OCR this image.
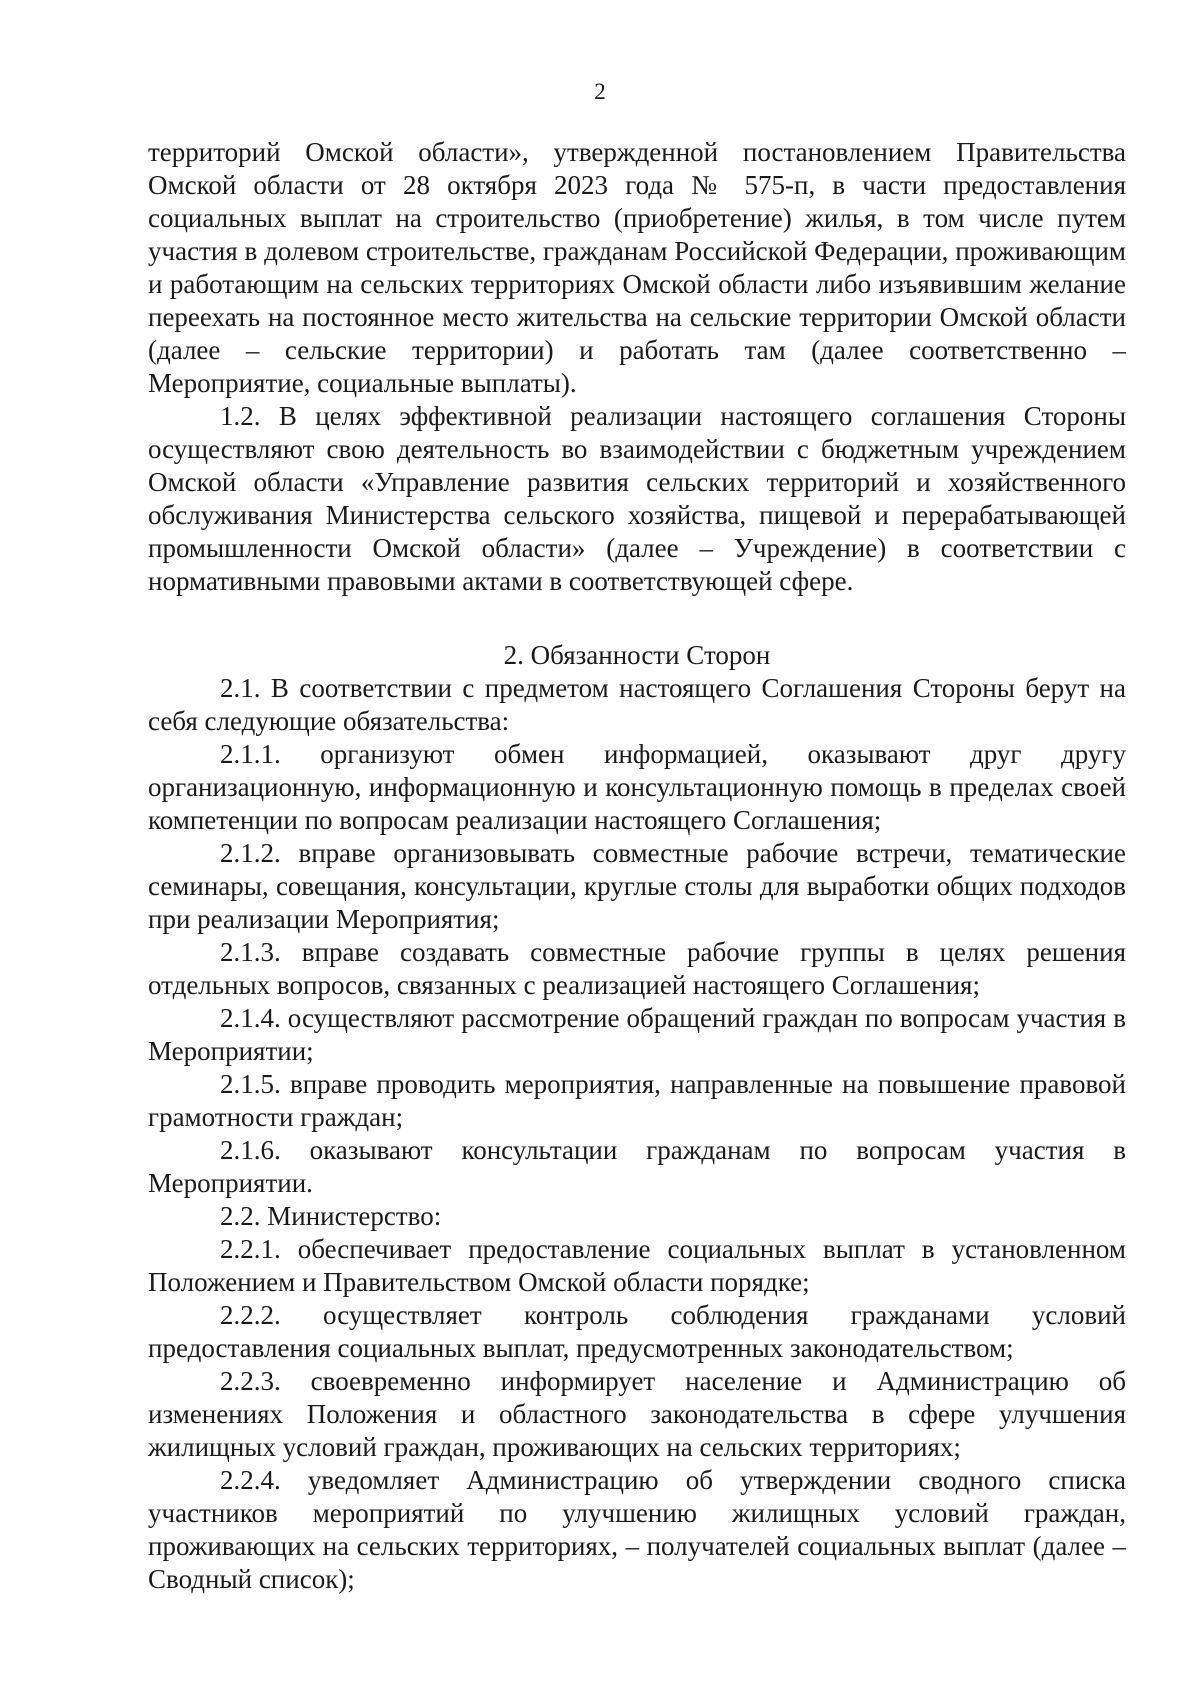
2

территорий Омской области», утвержденной постановлением Правительства Омской области от 28 октября 2023 года № 575-п, в части предоставления социальных выплат на строительство (приобретение) жилья, в том числе путем участия в долевом строительстве, гражданам Российской Федерации, проживающим и работающим на сельских территориях Омской области либо изъявившим желание переехать на постоянное место жительства на сельские территории Омской области (далее – сельские территории) и работать там (далее соответственно – Мероприятие, социальные выплаты).

1.2. В целях эффективной реализации настоящего соглашения Стороны осуществляют свою деятельность во взаимодействии с бюджетным учреждением Омской области «Управление развития сельских территорий и хозяйственного обслуживания Министерства сельского хозяйства, пищевой и перерабатывающей промышленности Омской области» (далее – Учреждение) в соответствии с нормативными правовыми актами в соответствующей сфере.

2. Обязанности Сторон

2.1. В соответствии с предметом настоящего Соглашения Стороны берут на себя следующие обязательства:

2.1.1. организуют обмен информацией, оказывают друг другу организационную, информационную и консультационную помощь в пределах своей компетенции по вопросам реализации настоящего Соглашения;

2.1.2. вправе организовывать совместные рабочие встречи, тематические семинары, совещания, консультации, круглые столы для выработки общих подходов при реализации Мероприятия;

2.1.3. вправе создавать совместные рабочие группы в целях решения отдельных вопросов, связанных с реализацией настоящего Соглашения;

2.1.4. осуществляют рассмотрение обращений граждан по вопросам участия в Мероприятии;

2.1.5. вправе проводить мероприятия, направленные на повышение правовой грамотности граждан;

2.1.6. оказывают консультации гражданам по вопросам участия в Мероприятии.

2.2. Министерство:

2.2.1. обеспечивает предоставление социальных выплат в установленном Положением и Правительством Омской области порядке;

2.2.2. осуществляет контроль соблюдения гражданами условий предоставления социальных выплат, предусмотренных законодательством;

2.2.3. своевременно информирует население и Администрацию об изменениях Положения и областного законодательства в сфере улучшения жилищных условий граждан, проживающих на сельских территориях;

2.2.4. уведомляет Администрацию об утверждении сводного списка участников мероприятий по улучшению жилищных условий граждан, проживающих на сельских территориях, – получателей социальных выплат (далее – Сводный список);
